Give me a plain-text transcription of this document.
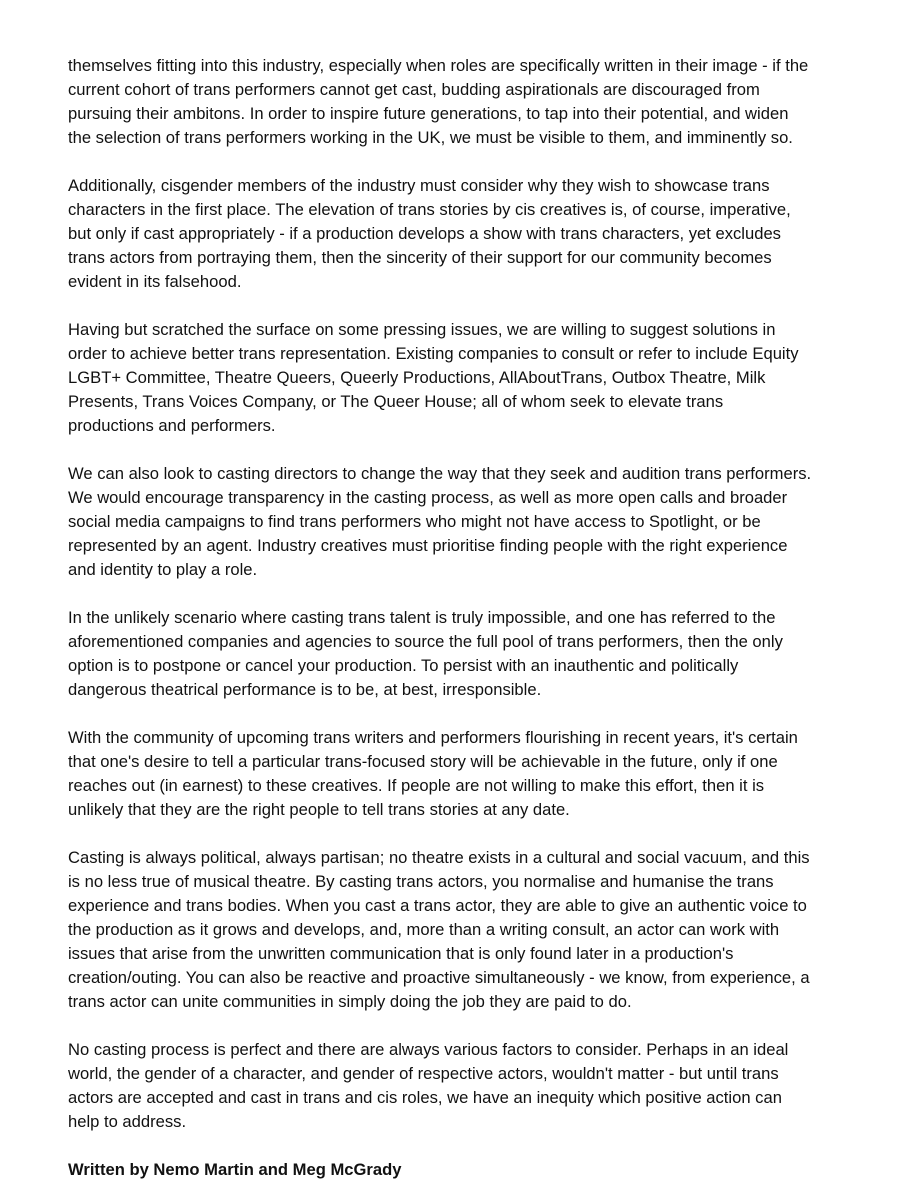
themselves fitting into this industry, especially when roles are specifically written in their image - if the
current cohort of trans performers cannot get cast, budding aspirationals are discouraged from
pursuing their ambitons. In order to inspire future generations, to tap into their potential, and widen
the selection of trans performers working in the UK, we must be visible to them, and imminently so.

Additionally, cisgender members of the industry must consider why they wish to showcase trans
characters in the first place. The elevation of trans stories by cis creatives is, of course, imperative,
but only if cast appropriately - if a production develops a show with trans characters, yet excludes
trans actors from portraying them, then the sincerity of their support for our community becomes
evident in its falsehood.

Having but scratched the surface on some pressing issues, we are willing to suggest solutions in
order to achieve better trans representation. Existing companies to consult or refer to include Equity
LGBT+ Committee, Theatre Queers, Queerly Productions, AllAboutTrans, Outbox Theatre, Milk
Presents, Trans Voices Company, or The Queer House; all of whom seek to elevate trans
productions and performers.

We can also look to casting directors to change the way that they seek and audition trans performers.
We would encourage transparency in the casting process, as well as more open calls and broader
social media campaigns to find trans performers who might not have access to Spotlight, or be
represented by an agent. Industry creatives must prioritise finding people with the right experience
and identity to play a role.

In the unlikely scenario where casting trans talent is truly impossible, and one has referred to the
aforementioned companies and agencies to source the full pool of trans performers, then the only
option is to postpone or cancel your production. To persist with an inauthentic and politically
dangerous theatrical performance is to be, at best, irresponsible.

With the community of upcoming trans writers and performers flourishing in recent years, it's certain
that one's desire to tell a particular trans-focused story will be achievable in the future, only if one
reaches out (in earnest) to these creatives. If people are not willing to make this effort, then it is
unlikely that they are the right people to tell trans stories at any date.

Casting is always political, always partisan; no theatre exists in a cultural and social vacuum, and this
is no less true of musical theatre. By casting trans actors, you normalise and humanise the trans
experience and trans bodies. When you cast a trans actor, they are able to give an authentic voice to
the production as it grows and develops, and, more than a writing consult, an actor can work with
issues that arise from the unwritten communication that is only found later in a production's
creation/outing. You can also be reactive and proactive simultaneously - we know, from experience, a
trans actor can unite communities in simply doing the job they are paid to do.

No casting process is perfect and there are always various factors to consider. Perhaps in an ideal
world, the gender of a character, and gender of respective actors, wouldn't matter - but until trans
actors are accepted and cast in trans and cis roles, we have an inequity which positive action can
help to address.

Written by Nemo Martin and Meg McGrady
